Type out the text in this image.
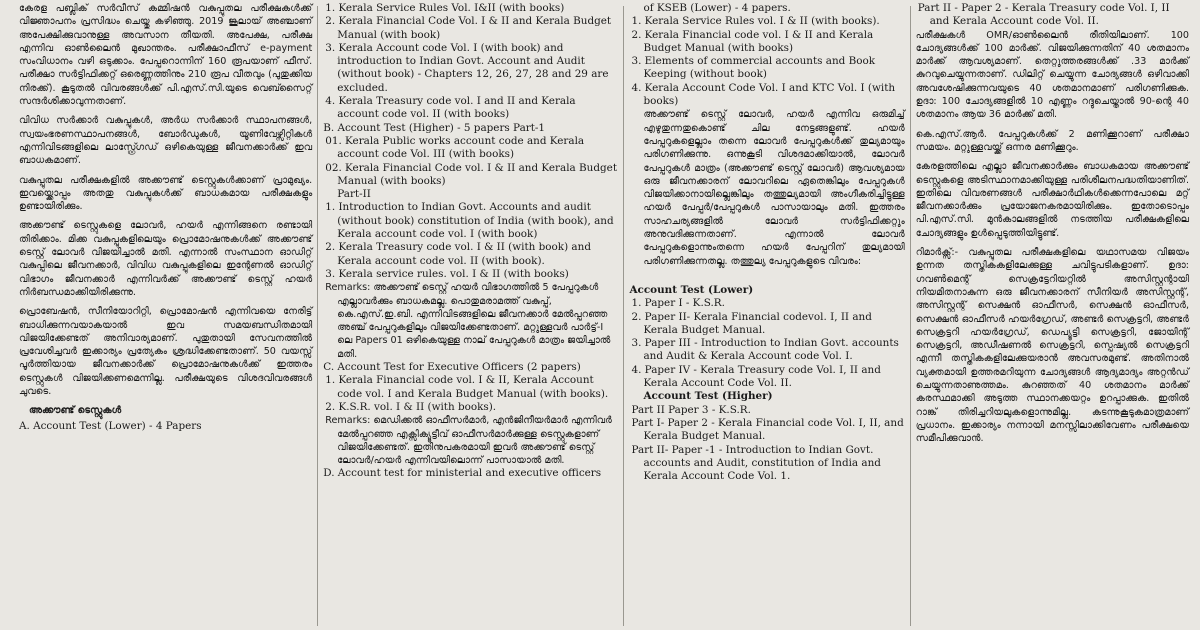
കേരള പബ്ലിക് സർവീസ് കമ്മിഷൻ വകുപ്പുതല പരീക്ഷകൾക്ക് വിജ്ഞാപനം പ്രസിദ്ധം ചെയ്തു കഴിഞ്ഞു. 2019 ജൂലായ് അഞ്ചാണ് അപേക്ഷിക്കുവാനുള്ള അവസാന തീയതി. അപേക്ഷ, പരീക്ഷ എന്നിവ ഓൺലൈൻ മുഖാന്തരം. പരീക്ഷാഫീസ് e-payment സംവിധാനം വഴി ഒടുക്കാം. പേപ്പറൊന്നിന് 160 രൂപയാണ് ഫീസ്. പരീക്ഷാ സർട്ടിഫിക്കറ്റ് ഒരെണ്ണത്തിനും 210 രൂപ വീതവും (പുതുക്കിയ നിരക്ക്). കൂടുതൽ വിവരങ്ങൾക്ക് പി.എസ്.സി.യുടെ വെബ്സൈറ്റ് സന്ദർശിക്കാവുന്നതാണ്.

വിവിധ സർക്കാർ വകുപ്പുകൾ, അർധ സർക്കാർ സ്ഥാപനങ്ങൾ, സ്വയംഭരണസ്ഥാപനങ്ങൾ, ബോർഡുകൾ, യൂണിവേഴ്സിറ്റികൾ എന്നിവിടങ്ങളിലെ ലാസ്റ്റ്ഗ്രേഡ് ഒഴികെയുള്ള ജീവനക്കാർക്ക് ഇവ ബാധകമാണ്.

വകുപ്പുതല പരീക്ഷകളിൽ അക്കൗണ്ട് ടെസ്റ്റുകൾക്കാണ് പ്രാമുഖ്യം. ഇവയ്ക്കൊപ്പം അതതു വകുപ്പുകൾക്ക് ബാധകമായ പരീക്ഷകളും ഉണ്ടായിരിക്കും.

അക്കൗണ്ട് ടെസ്റ്റുകളെ ലോവർ, ഹയർ എന്നിങ്ങനെ രണ്ടായി തിരിക്കാം. മിക്ക വകുപ്പുകളിലെയും പ്രൊമോഷനുകൾക്ക് അക്കൗണ്ട് ടെസ്റ്റ് ലോവർ വിജയിച്ചാൽ മതി. എന്നാൽ സംസ്ഥാന ഓഡിറ്റ് വകുപ്പിലെ ജീവനക്കാർ, വിവിധ വകുപ്പുകളിലെ ഇന്റേണൽ ഓഡിറ്റ് വിഭാഗം ജീവനക്കാർ എന്നിവർക്ക് അക്കൗണ്ട് ടെസ്റ്റ് ഹയർ നിർബന്ധമാക്കിയിരിക്കുന്നു.

പ്രൊബേഷൻ, സീനിയോറിറ്റി, പ്രൊമോഷൻ എന്നിവയെ നേരിട്ട് ബാധിക്കുന്നവയാകയാൽ ഇവ സമയബന്ധിതമായി വിജയിക്കേണ്ടത് അനിവാര്യമാണ്. പുതുതായി സേവനത്തിൽ പ്രവേശിച്ചവർ ഇക്കാര്യം പ്രത്യേകം ശ്രദ്ധിക്കേണ്ടതാണ്. 50 വയസ്സ് പൂർത്തിയായ ജീവനക്കാർക്ക് പ്രൊമോഷനുകൾക്ക് ഇത്തരം ടെസ്റ്റുകൾ വിജയിക്കണമെന്നില്ല. പരീക്ഷയുടെ വിശദവിവരങ്ങൾ ചുവടെ.

അക്കൗണ്ട് ടെസ്റ്റുകൾ
A. Account Test (Lower) - 4 Papers
1. Kerala Service Rules Vol. I&II (with books)
2. Kerala Financial Code Vol. I & II and Kerala Budget Manual (with book)
3. Kerala Account code Vol. I (with book) and introduction to Indian Govt. Account and Audit (without book) - Chapters 12, 26, 27, 28 and 29 are excluded.
4. Kerala Treasury code vol. I and II and Kerala account code vol. II (with books)
B. Account Test (Higher) - 5 papers Part-1
01. Kerala Public works account code and Kerala account code Vol. III (with books)
02. Kerala Financial Code vol. I & II and Kerala Budget Manual (with books)
Part-II
1. Introduction to Indian Govt. Accounts and audit (without book) constitution of India (with book), and Kerala account code vol. I (with book)
2. Kerala Treasury code vol. I & II (with book) and Kerala account code vol. II (with book).
3. Kerala service rules. vol. I & II (with books)
Remarks: അക്കൗണ്ട് ടെസ്റ്റ് ഹയർ വിഭാഗത്തിൽ 5 പേപ്പറുകൾ എല്ലാവർക്കും ബാധകമല്ല. പൊതുമരാമത്ത് വകുപ്പ്, കെ.എസ്.ഇ.ബി. എന്നിവിടങ്ങളിലെ ജീവനക്കാർ മേൽപ്പറഞ്ഞ അഞ്ച് പേപ്പറുകളിലും വിജയിക്കേണ്ടതാണ്. മറ്റുള്ളവർ പാർട്ട്-I ലെ Papers 01 ഒഴികെയുള്ള നാല് പേപ്പറുകൾ മാത്രം ജയിച്ചാൽ മതി.
C. Account Test for Executive Officers (2 papers)
1. Kerala Financial code vol. I & II, Kerala Account code vol. I and Kerala Budget Manual (with books).
2. K.S.R. vol. I & II (with books).
Remarks: മെഡിക്കൽ ഓഫീസർമാർ, എൻജിനീയർമാർ എന്നിവർ മേൽപ്പറഞ്ഞ എക്സിക്യൂട്ടീവ് ഓഫീസർമാർക്കുള്ള ടെസ്റ്റുകളാണ് വിജയിക്കേണ്ടത്. ഇതിനുപകരമായി ഇവർ അക്കൗണ്ട് ടെസ്റ്റ് ലോവർ/ഹയർ എന്നിവയിലൊന്ന് പാസായാൽ മതി.
D. Account test for ministerial and executive officers
of KSEB (Lower) - 4 papers.
1. Kerala Service Rules vol. I & II (with books).
2. Kerala Financial code vol. I & II and Kerala Budget Manual (with books)
3. Elements of commercial accounts and Book Keeping (without book)
4. Kerala Account Code Vol. I and KTC Vol. I (with books)

അക്കൗണ്ട് ടെസ്റ്റ് ലോവർ, ഹയർ എന്നിവ ഒരുമിച്ച് എഴുതുന്നതുകൊണ്ട് ചില നേട്ടങ്ങളുണ്ട്. ഹയർ പേപ്പറുകളെല്ലാം തന്നെ ലോവർ പേപ്പറുകൾക്ക് തുല്യമായും പരിഗണിക്കുന്നു. ഒന്നുകൂടി വിശദമാക്കിയാൽ, ലോവർ പേപ്പറുകൾ മാത്രം (അക്കൗണ്ട് ടെസ്റ്റ് ലോവർ) ആവശ്യമായ ഒരു ജീവനക്കാരന് ലോവറിലെ ഏതെങ്കിലും പേപ്പറുകൾ വിജയിക്കാനായില്ലെങ്കിലും തത്തുല്യമായി അംഗീകരിച്ചിട്ടുള്ള ഹയർ പേപ്പർ/പേപ്പറുകൾ പാസായാലും മതി. ഇത്തരം സാഹചര്യങ്ങളിൽ ലോവർ സർട്ടിഫിക്കറ്റും അനുവദിക്കുന്നതാണ്. എന്നാൽ ലോവർ പേപ്പറുകളൊന്നുംതന്നെ ഹയർ പേപ്പറിന് തുല്യമായി പരിഗണിക്കുന്നതല്ല. തത്തുല്യ പേപ്പറുകളുടെ വിവരം:

Account Test (Lower)
1. Paper I - K.S.R.
2. Paper II- Kerala Financial codevol. I, II and Kerala Budget Manual.
3. Paper III - Introduction to Indian Govt. accounts and Audit & Kerala Account code Vol. I.
4. Paper IV - Kerala Treasury code Vol. I, II and Kerala Account Code Vol. II.
Account Test (Higher)
Part II Paper 3 - K.S.R.
Part I- Paper 2 - Kerala Financial code Vol. I, II, and Kerala Budget Manual.
Part II- Paper -1 - Introduction to Indian Govt. accounts and Audit, constitution of India and Kerala Account Code Vol. 1.
Part II - Paper 2 - Kerala Treasury code Vol. I, II and Kerala Account code Vol. II.

പരീക്ഷകൾ OMR/ഓൺലൈൻ രീതിയിലാണ്. 100 ചോദ്യങ്ങൾക്ക് 100 മാർക്ക്. വിജയിക്കുന്നതിന് 40 ശതമാനം മാർക്ക് ആവശ്യമാണ്. തെറ്റുത്തരങ്ങൾക്ക് .33 മാർക്ക് കുറവുചെയ്യുന്നതാണ്. ഡിലിറ്റ് ചെയ്യുന്ന ചോദ്യങ്ങൾ ഒഴിവാക്കി അവശേഷിക്കുന്നവയുടെ 40 ശതമാനമാണ് പരിഗണിക്കുക. ഉദാ: 100 ചോദ്യങ്ങളിൽ 10 എണ്ണം റദ്ദുചെയ്താൽ 90-ന്റെ 40 ശതമാനം ആയ 36 മാർക്ക് മതി.

കെ.എസ്.ആർ. പേപ്പറുകൾക്ക് 2 മണിക്കൂറാണ് പരീക്ഷാ സമയം. മറ്റുള്ളവയ്ക്ക് ഒന്നര മണിക്കൂറും.

കേരളത്തിലെ എല്ലാ ജീവനക്കാർക്കും ബാധകമായ അക്കൗണ്ട് ടെസ്റ്റുകളെ അടിസ്ഥാനമാക്കിയുള്ള പരിശീലനപദ്ധതിയാണിത്. ഇതിലെ വിവരണങ്ങൾ പരീക്ഷാർഥികൾക്കെന്നപോലെ മറ്റ് ജീവനക്കാർക്കും പ്രയോജനകരമായിരിക്കും. ഇതോടൊപ്പം പി.എസ്.സി. മുൻകാലങ്ങളിൽ നടത്തിയ പരീക്ഷകളിലെ ചോദ്യങ്ങളും ഉൾപ്പെടുത്തിയിട്ടുണ്ട്.

റിമാർക്സ്:- വകുപ്പുതല പരീക്ഷകളിലെ യഥാസമയ വിജയം ഉന്നത തസ്തികകളിലേക്കുള്ള ചവിട്ടുപടികളാണ്. ഉദാ: ഗവൺമെന്റ് സെക്രട്ടേറിയറ്റിൽ അസിസ്റ്റന്റായി നിയമിതനാകുന്ന ഒരു ജീവനക്കാരന് സീനിയർ അസിസ്റ്റന്റ്, അസിസ്റ്റന്റ് സെക്ഷൻ ഓഫീസർ, സെക്ഷൻ ഓഫീസർ, സെക്ഷൻ ഓഫീസർ ഹയർഗ്രേഡ്, അണ്ടർ സെക്രട്ടറി, അണ്ടർ സെക്രട്ടറി ഹയർഗ്രേഡ്, ഡെപ്യൂട്ടി സെക്രട്ടറി, ജോയിന്റ് സെക്രട്ടറി, അഡീഷണൽ സെക്രട്ടറി, സ്പെഷ്യൽ സെക്രട്ടറി എന്നീ തസ്തികകളിലേക്കുയരാൻ അവസരമുണ്ട്. അതിനാൽ വ്യക്തമായി ഉത്തരമറിയുന്ന ചോദ്യങ്ങൾ ആദ്യമാദ്യം അറ്റൻഡ് ചെയ്യുന്നതാണുത്തമം. കുറഞ്ഞത് 40 ശതമാനം മാർക്ക് കരസ്ഥമാക്കി അടുത്ത സ്ഥാനക്കയറ്റം ഉറപ്പാക്കുക. ഇതിൽ റാങ്ക് തിരിച്ചറിയലുകളൊന്നുമില്ല. കടന്നുകൂടുകമാത്രമാണ് പ്രധാനം. ഇക്കാര്യം നന്നായി മനസ്സിലാക്കിവേണം പരീക്ഷയെ സമീപിക്കുവാൻ.
